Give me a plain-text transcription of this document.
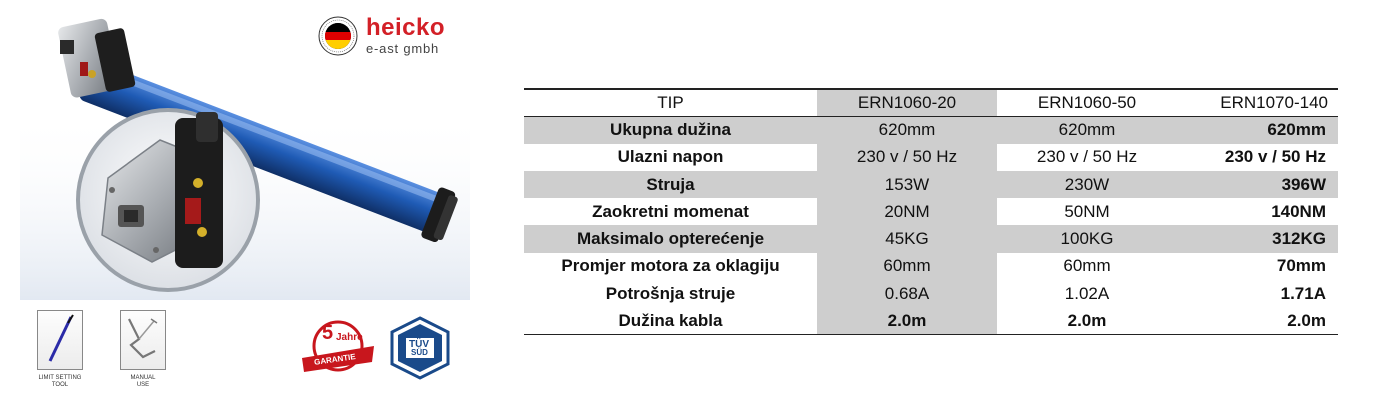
heicko
e-ast gmbh
LIMIT SETTING
TOOL
MANUAL
USE
5 Jahre
GARANTIE
TÜV
SÜD
TIP	ERN1060-20	ERN1060-50	ERN1070-140
Ukupna dužina	620mm	620mm	620mm
Ulazni napon	230 v / 50 Hz	230 v / 50 Hz	230 v / 50 Hz
Struja	153W	230W	396W
Zaokretni momenat	20NM	50NM	140NM
Maksimalo opterećenje	45KG	100KG	312KG
Promjer motora za oklagiju	60mm	60mm	70mm
Potrošnja struje	0.68A	1.02A	1.71A
Dužina kabla	2.0m	2.0m	2.0m
